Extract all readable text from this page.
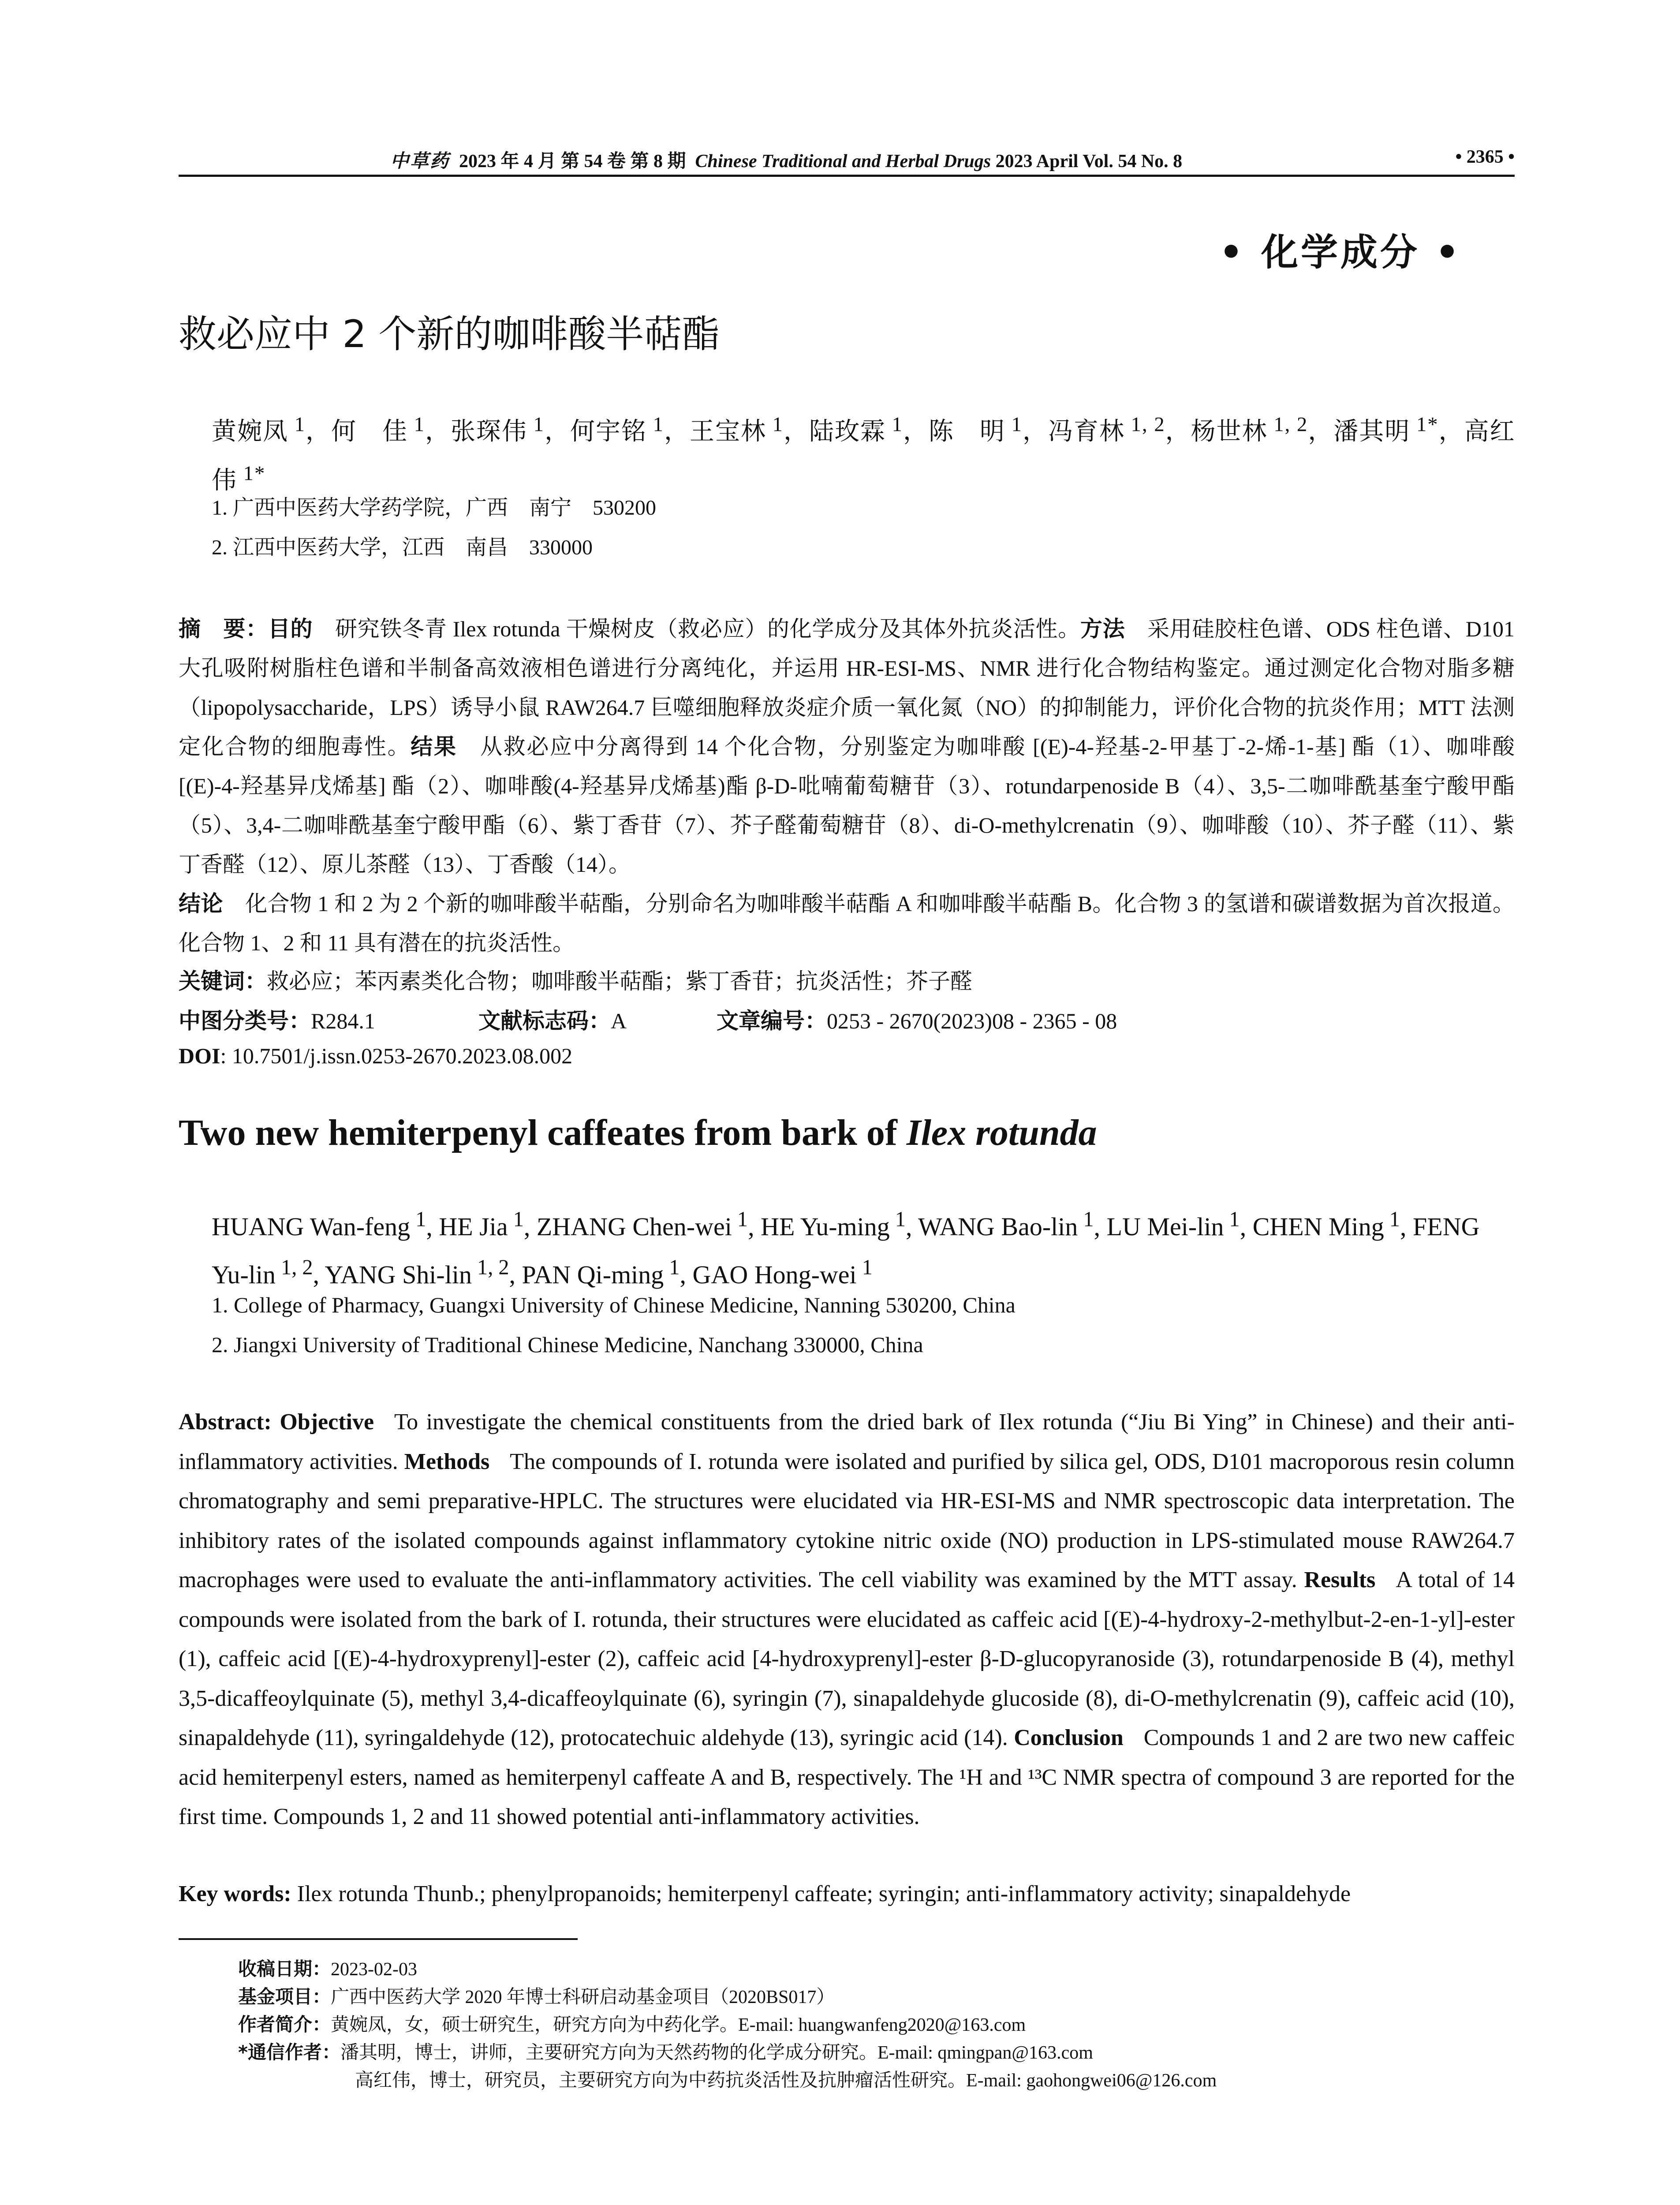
中草药 2023 年 4 月 第 54 卷 第 8 期 Chinese Traditional and Herbal Drugs 2023 April Vol. 54 No. 8	• 2365 •
• 化学成分 •
救必应中 2 个新的咖啡酸半萜酯
黄婉凤 $^1$，何　佳 $^1$，张琛伟 $^1$，何宇铭 $^1$，王宝林 $^1$，陆玫霖 $^1$，陈　明 $^1$，冯育林 $^{1, 2}$，杨世林 $^{1, 2}$，潘其明 $^{1*}$，高红伟 $^{1*}$
1. 广西中医药大学药学院，广西　南宁　530200
2. 江西中医药大学，江西　南昌　330000
摘　要：目的 研究铁冬青 Ilex rotunda 干燥树皮（救必应）的化学成分及其体外抗炎活性。方法 采用硅胶柱色谱、ODS 柱色谱、D101 大孔吸附树脂柱色谱和半制备高效液相色谱进行分离纯化，并运用 HR-ESI-MS、NMR 进行化合物结构鉴定。通过测定化合物对脂多糖（lipopolysaccharide，LPS）诱导小鼠 RAW264.7 巨噬细胞释放炎症介质一氧化氮（NO）的抑制能力，评价化合物的抗炎作用；MTT 法测定化合物的细胞毒性。结果 从救必应中分离得到 14 个化合物，分别鉴定为咖啡酸 [(E)-4-羟基-2-甲基丁-2-烯-1-基] 酯（1）、咖啡酸 [(E)-4-羟基异戊烯基] 酯（2）、咖啡酸(4-羟基异戊烯基)酯 β-D-吡喃葡萄糖苷（3）、rotundarpenoside B（4）、3,5-二咖啡酰基奎宁酸甲酯（5）、3,4-二咖啡酰基奎宁酸甲酯（6）、紫丁香苷（7）、芥子醛葡萄糖苷（8）、di-O-methylcrenatin（9）、咖啡酸（10）、芥子醛（11）、紫丁香醛（12）、原儿茶醛（13）、丁香酸（14）。
结论 化合物 1 和 2 为 2 个新的咖啡酸半萜酯，分别命名为咖啡酸半萜酯 A 和咖啡酸半萜酯 B。化合物 3 的氢谱和碳谱数据为首次报道。化合物 1、2 和 11 具有潜在的抗炎活性。
关键词：救必应；苯丙素类化合物；咖啡酸半萜酯；紫丁香苷；抗炎活性；芥子醛
中图分类号：R284.1	文献标志码：A	文章编号：0253 - 2670(2023)08 - 2365 - 08
DOI: 10.7501/j.issn.0253-2670.2023.08.002
Two new hemiterpenyl caffeates from bark of Ilex rotunda
HUANG Wan-feng $^1$, HE Jia $^1$, ZHANG Chen-wei $^1$, HE Yu-ming $^1$, WANG Bao-lin $^1$, LU Mei-lin $^1$, CHEN Ming $^1$, FENG Yu-lin $^{1, 2}$, YANG Shi-lin $^{1, 2}$, PAN Qi-ming $^1$, GAO Hong-wei $^1$
1. College of Pharmacy, Guangxi University of Chinese Medicine, Nanning 530200, China
2. Jiangxi University of Traditional Chinese Medicine, Nanchang 330000, China
Abstract: Objective To investigate the chemical constituents from the dried bark of Ilex rotunda (“Jiu Bi Ying” in Chinese) and their anti-inflammatory activities. Methods The compounds of I. rotunda were isolated and purified by silica gel, ODS, D101 macroporous resin column chromatography and semi preparative-HPLC. The structures were elucidated via HR-ESI-MS and NMR spectroscopic data interpretation. The inhibitory rates of the isolated compounds against inflammatory cytokine nitric oxide (NO) production in LPS-stimulated mouse RAW264.7 macrophages were used to evaluate the anti-inflammatory activities. The cell viability was examined by the MTT assay. Results A total of 14 compounds were isolated from the bark of I. rotunda, their structures were elucidated as caffeic acid [(E)-4-hydroxy-2-methylbut-2-en-1-yl]-ester (1), caffeic acid [(E)-4-hydroxyprenyl]-ester (2), caffeic acid [4-hydroxyprenyl]-ester β-D-glucopyranoside (3), rotundarpenoside B (4), methyl 3,5-dicaffeoylquinate (5), methyl 3,4-dicaffeoylquinate (6), syringin (7), sinapaldehyde glucoside (8), di-O-methylcrenatin (9), caffeic acid (10), sinapaldehyde (11), syringaldehyde (12), protocatechuic aldehyde (13), syringic acid (14). Conclusion Compounds 1 and 2 are two new caffeic acid hemiterpenyl esters, named as hemiterpenyl caffeate A and B, respectively. The ¹H and ¹³C NMR spectra of compound 3 are reported for the first time. Compounds 1, 2 and 11 showed potential anti-inflammatory activities.
Key words: Ilex rotunda Thunb.; phenylpropanoids; hemiterpenyl caffeate; syringin; anti-inflammatory activity; sinapaldehyde
收稿日期：2023-02-03
基金项目：广西中医药大学 2020 年博士科研启动基金项目（2020BS017）
作者简介：黄婉凤，女，硕士研究生，研究方向为中药化学。E-mail: huangwanfeng2020@163.com
*通信作者：潘其明，博士，讲师，主要研究方向为天然药物的化学成分研究。E-mail: qmingpan@163.com
高红伟，博士，研究员，主要研究方向为中药抗炎活性及抗肿瘤活性研究。E-mail: gaohongwei06@126.com
